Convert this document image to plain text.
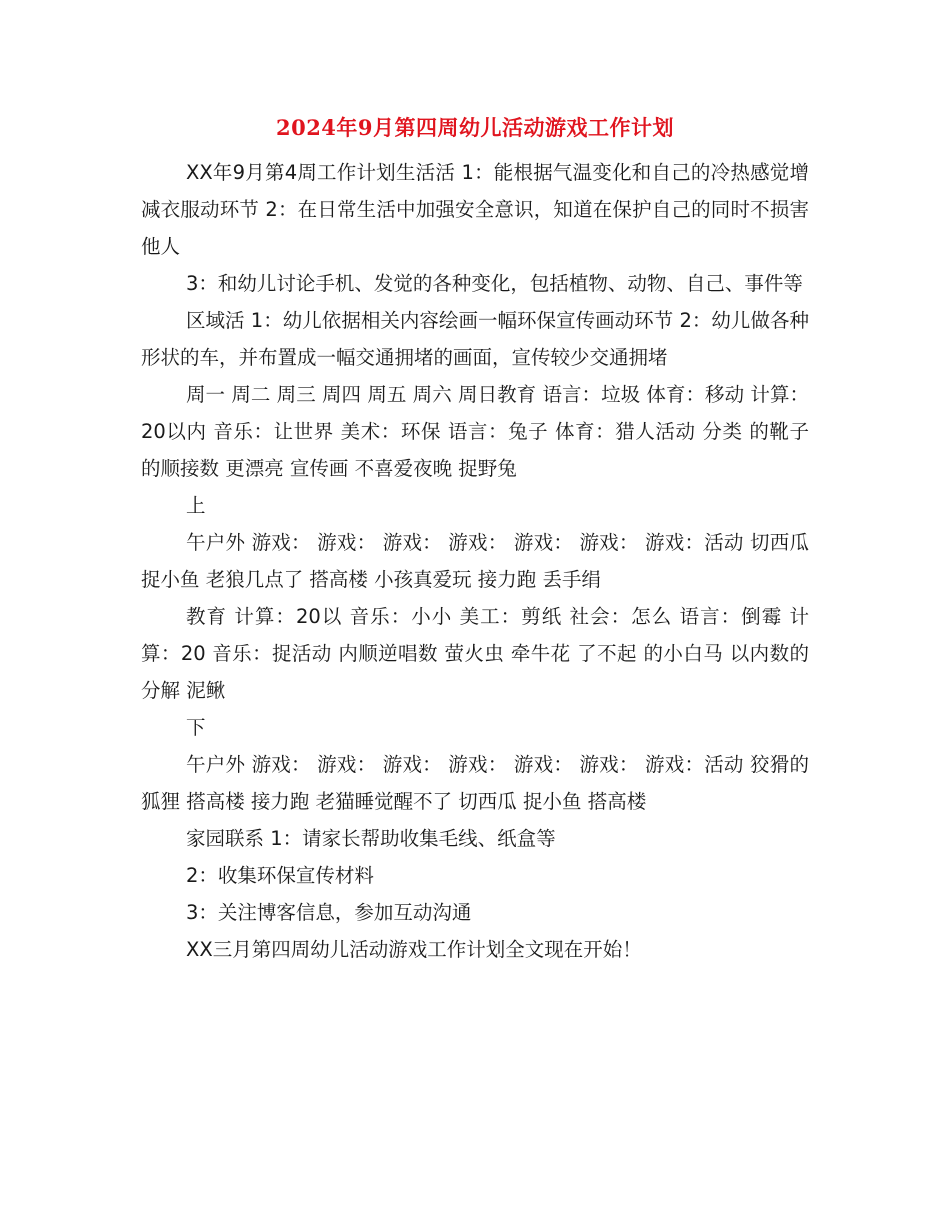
2024年9月第四周幼儿活动游戏工作计划

XX年9月第4周工作计划生活活 1：能根据气温变化和自己的冷热感觉增减衣服动环节 2：在日常生活中加强安全意识，知道在保护自己的同时不损害他人

3：和幼儿讨论手机、发觉的各种变化，包括植物、动物、自己、事件等

区域活 1：幼儿依据相关内容绘画一幅环保宣传画动环节 2：幼儿做各种形状的车，并布置成一幅交通拥堵的画面，宣传较少交通拥堵

周一 周二 周三 周四 周五 周六 周日教育 语言：垃圾 体育：移动 计算：20以内 音乐：让世界 美术：环保 语言：兔子 体育：猎人活动 分类 的靴子 的顺接数 更漂亮 宣传画 不喜爱夜晚 捉野兔

上

午户外 游戏： 游戏： 游戏： 游戏： 游戏： 游戏： 游戏：活动 切西瓜 捉小鱼 老狼几点了 搭高楼 小孩真爱玩 接力跑 丢手绢

教育 计算：20以 音乐：小小 美工：剪纸 社会：怎么 语言：倒霉 计算：20 音乐：捉活动 内顺逆唱数 萤火虫 牵牛花 了不起 的小白马 以内数的分解 泥鳅

下

午户外 游戏： 游戏： 游戏： 游戏： 游戏： 游戏： 游戏：活动 狡猾的狐狸 搭高楼 接力跑 老猫睡觉醒不了 切西瓜 捉小鱼 搭高楼

家园联系 1：请家长帮助收集毛线、纸盒等

2：收集环保宣传材料

3：关注博客信息，参加互动沟通

XX三月第四周幼儿活动游戏工作计划全文现在开始！
